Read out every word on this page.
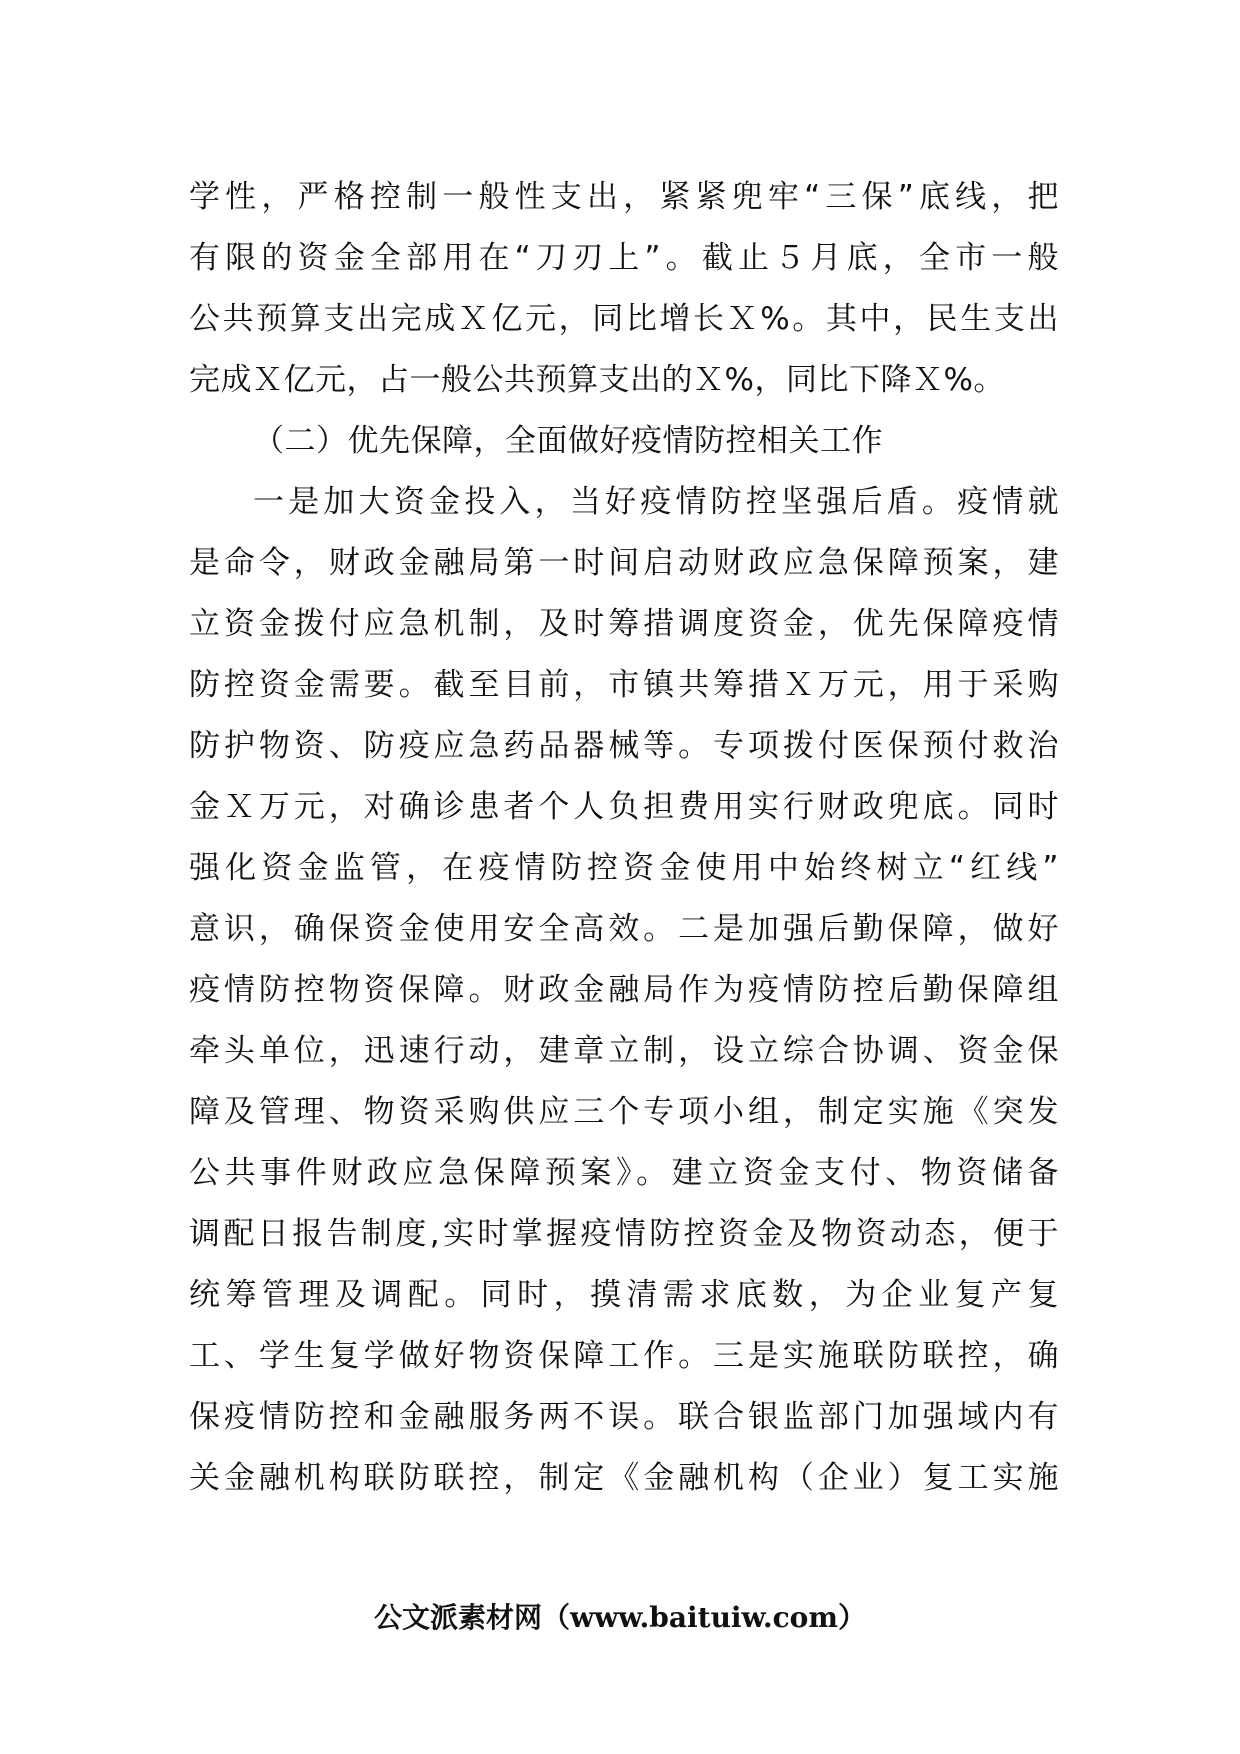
学性，严格控制一般性支出，紧紧兜牢“三保”底线，把
有限的资金全部用在“刀刃上”。截止５月底，全市一般
公共预算支出完成Ｘ亿元，同比增长Ｘ%。其中，民生支出
完成Ｘ亿元，占一般公共预算支出的Ｘ%，同比下降Ｘ%。
（二）优先保障，全面做好疫情防控相关工作
一是加大资金投入，当好疫情防控坚强后盾。疫情就
是命令，财政金融局第一时间启动财政应急保障预案，建
立资金拨付应急机制，及时筹措调度资金，优先保障疫情
防控资金需要。截至目前，市镇共筹措Ｘ万元，用于采购
防护物资、防疫应急药品器械等。专项拨付医保预付救治
金Ｘ万元，对确诊患者个人负担费用实行财政兜底。同时
强化资金监管，在疫情防控资金使用中始终树立“红线”
意识，确保资金使用安全高效。二是加强后勤保障，做好
疫情防控物资保障。财政金融局作为疫情防控后勤保障组
牵头单位，迅速行动，建章立制，设立综合协调、资金保
障及管理、物资采购供应三个专项小组，制定实施《突发
公共事件财政应急保障预案》。建立资金支付、物资储备
调配日报告制度,实时掌握疫情防控资金及物资动态，便于
统筹管理及调配。同时，摸清需求底数，为企业复产复
工、学生复学做好物资保障工作。三是实施联防联控，确
保疫情防控和金融服务两不误。联合银监部门加强域内有
关金融机构联防联控，制定《金融机构（企业）复工实施
公文派素材网（www.baituiw.com）
